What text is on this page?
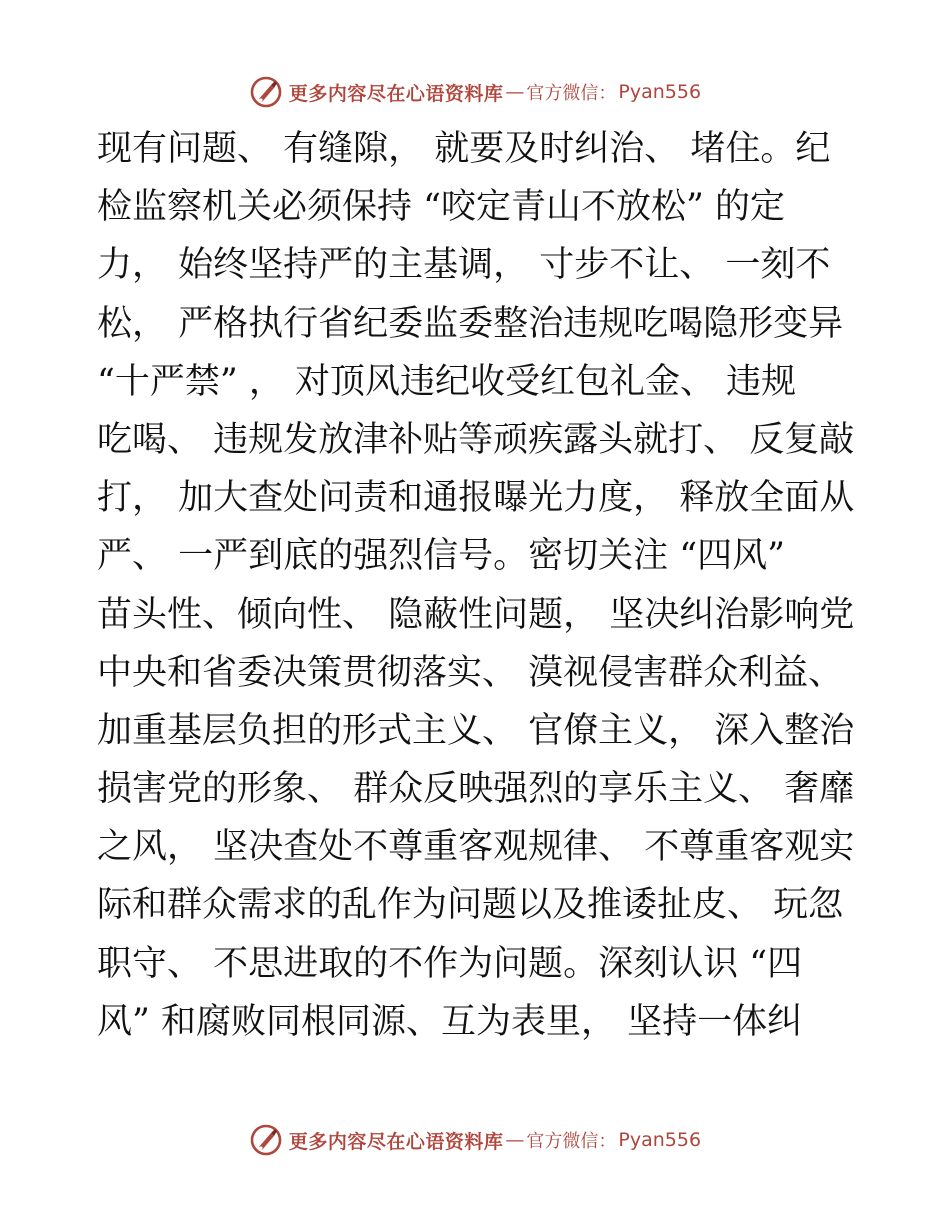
更多内容尽在心语资料库 — 官方微信： Pyan556
现有问题、 有缝隙， 就要及时纠治、 堵住。纪
检监察机关必须保持 “咬定青山不放松” 的定
力， 始终坚持严的主基调， 寸步不让、 一刻不
松， 严格执行省纪委监委整治违规吃喝隐形变异
“十严禁” ， 对顶风违纪收受红包礼金、 违规
吃喝、 违规发放津补贴等顽疾露头就打、 反复敲
打， 加大查处问责和通报曝光力度， 释放全面从
严、 一严到底的强烈信号。密切关注 “四风”
苗头性、倾向性、 隐蔽性问题， 坚决纠治影响党
中央和省委决策贯彻落实、 漠视侵害群众利益、
加重基层负担的形式主义、 官僚主义， 深入整治
损害党的形象、 群众反映强烈的享乐主义、 奢靡
之风， 坚决查处不尊重客观规律、 不尊重客观实
际和群众需求的乱作为问题以及推诿扯皮、 玩忽
职守、 不思进取的不作为问题。深刻认识 “四
风” 和腐败同根同源、互为表里， 坚持一体纠
更多内容尽在心语资料库 — 官方微信： Pyan556
